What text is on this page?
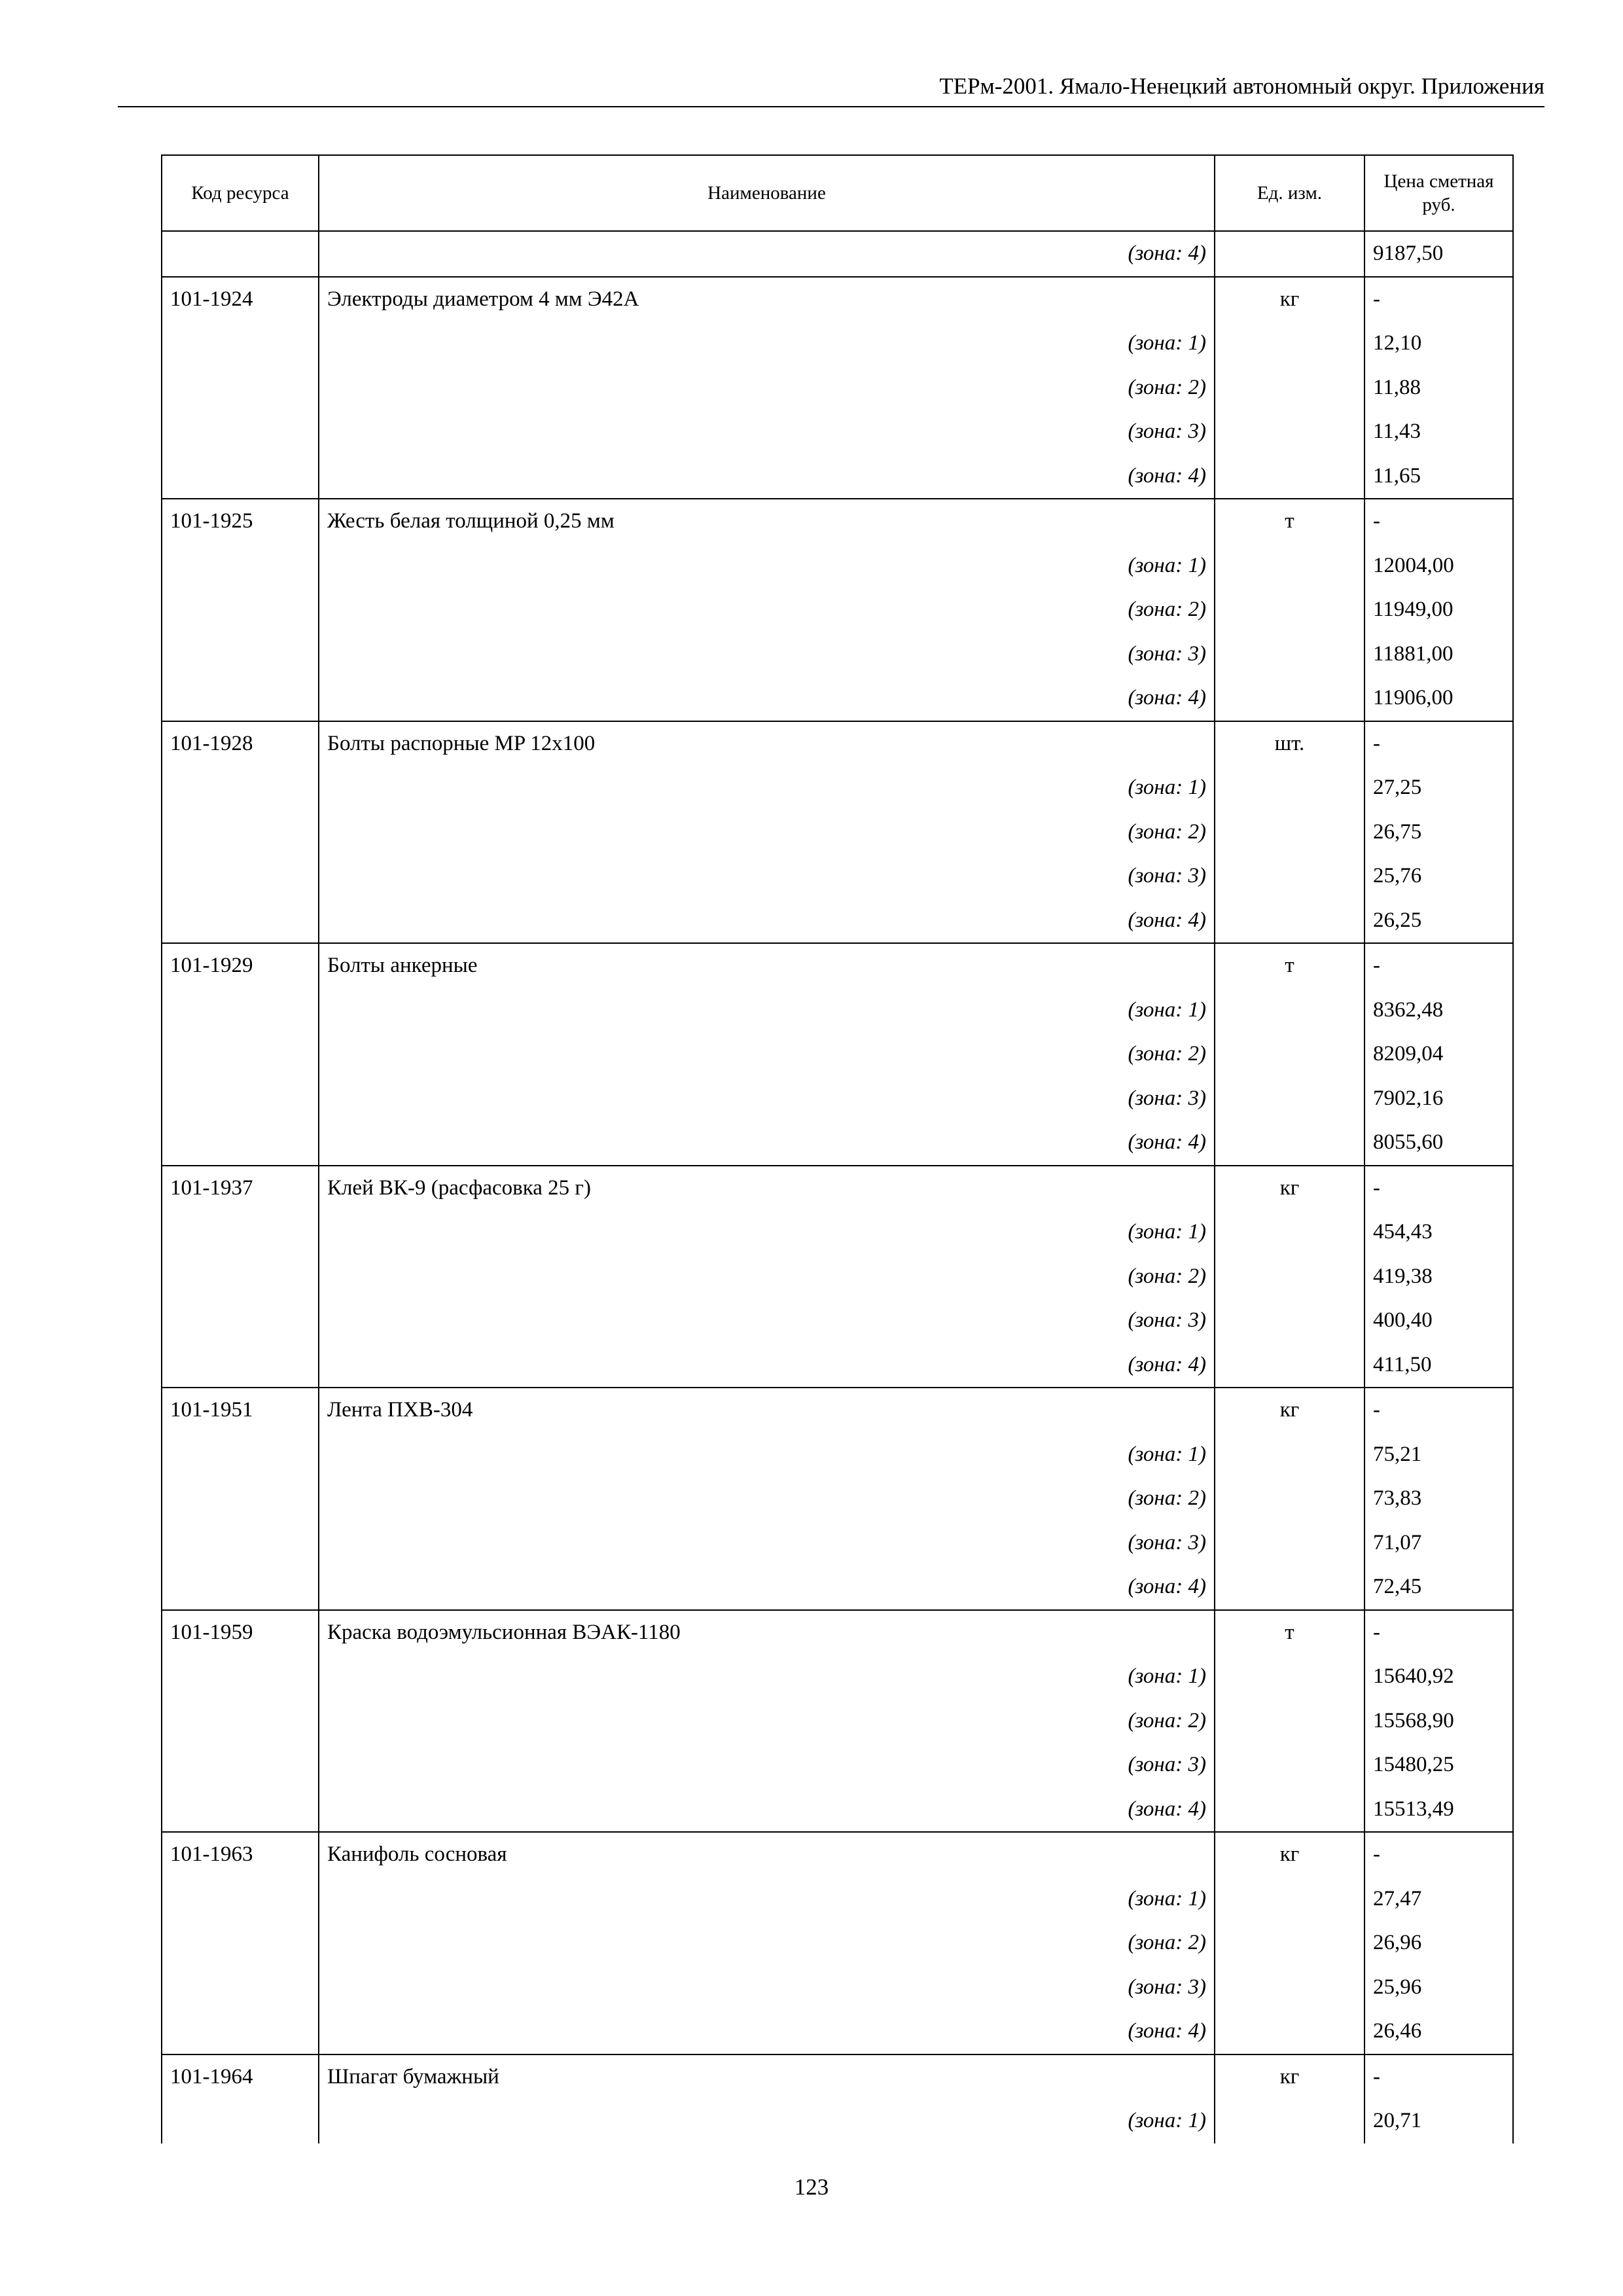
ТЕРм-2001. Ямало-Ненецкий автономный округ. Приложения
Код ресурса	Наименование	Ед. изм.	Цена сметная руб.
	(зона: 4)		9187,50
101-1924	Электроды диаметром 4 мм Э42А	кг	-
	(зона: 1)		12,10
	(зона: 2)		11,88
	(зона: 3)		11,43
	(зона: 4)		11,65
101-1925	Жесть белая толщиной 0,25 мм	т	-
	(зона: 1)		12004,00
	(зона: 2)		11949,00
	(зона: 3)		11881,00
	(зона: 4)		11906,00
101-1928	Болты распорные MP 12x100	шт.	-
	(зона: 1)		27,25
	(зона: 2)		26,75
	(зона: 3)		25,76
	(зона: 4)		26,25
101-1929	Болты анкерные	т	-
	(зона: 1)		8362,48
	(зона: 2)		8209,04
	(зона: 3)		7902,16
	(зона: 4)		8055,60
101-1937	Клей ВК-9 (расфасовка 25 г)	кг	-
	(зона: 1)		454,43
	(зона: 2)		419,38
	(зона: 3)		400,40
	(зона: 4)		411,50
101-1951	Лента ПХВ-304	кг	-
	(зона: 1)		75,21
	(зона: 2)		73,83
	(зона: 3)		71,07
	(зона: 4)		72,45
101-1959	Краска водоэмульсионная ВЭАК-1180	т	-
	(зона: 1)		15640,92
	(зона: 2)		15568,90
	(зона: 3)		15480,25
	(зона: 4)		15513,49
101-1963	Канифоль сосновая	кг	-
	(зона: 1)		27,47
	(зона: 2)		26,96
	(зона: 3)		25,96
	(зона: 4)		26,46
101-1964	Шпагат бумажный	кг	-
	(зона: 1)		20,71
123
